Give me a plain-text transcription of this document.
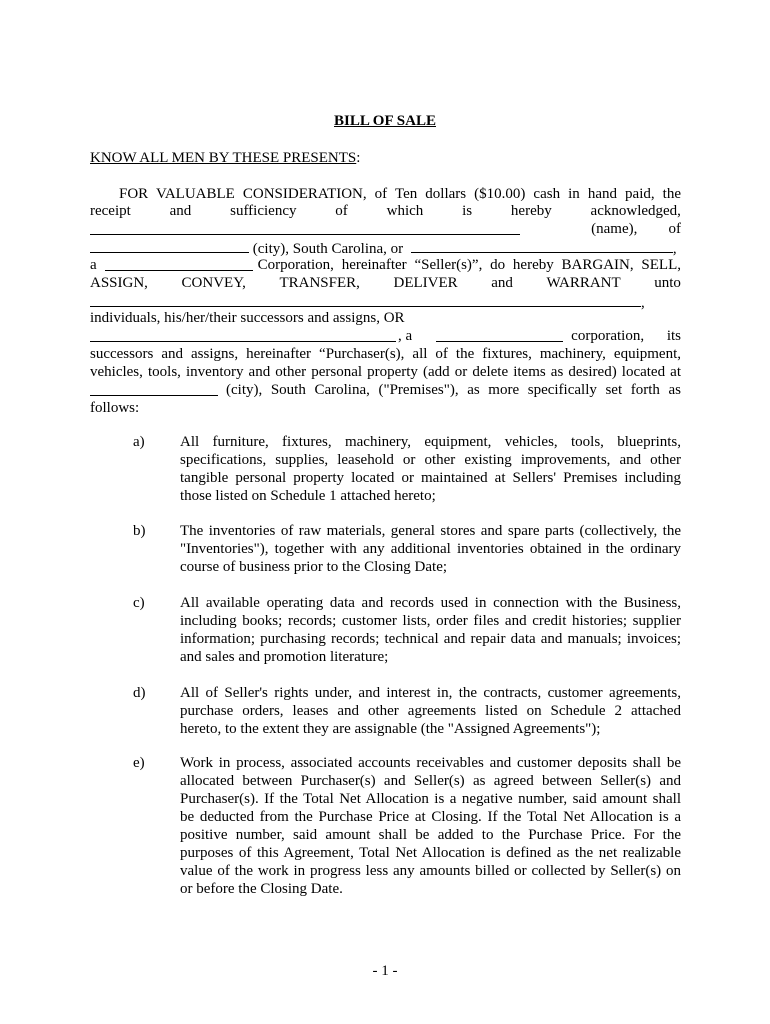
BILL OF SALE
KNOW ALL MEN BY THESE PRESENTS:
FOR VALUABLE CONSIDERATION, of Ten dollars ($10.00) cash in hand paid, the
receipt	and	sufficiency	of	which	is	hereby	acknowledged,
(name), of
(city), South Carolina, or	,
a	Corporation, hereinafter “Seller(s)”, do hereby BARGAIN, SELL,
ASSIGN, CONVEY, TRANSFER, DELIVER and WARRANT unto
,
individuals, his/her/their successors and assigns, OR
, a	corporation, its
successors and assigns, hereinafter “Purchaser(s), all of the fixtures, machinery, equipment,
vehicles, tools, inventory and other personal property (add or delete items as desired) located at
(city), South Carolina, ("Premises"), as more specifically set forth as
follows:
a) All furniture, fixtures, machinery, equipment, vehicles, tools, blueprints,
specifications, supplies, leasehold or other existing improvements, and other
tangible personal property located or maintained at Sellers' Premises including
those listed on Schedule 1 attached hereto;
b) The inventories of raw materials, general stores and spare parts (collectively, the
"Inventories"), together with any additional inventories obtained in the ordinary
course of business prior to the Closing Date;
c) All available operating data and records used in connection with the Business,
including books; records; customer lists, order files and credit histories; supplier
information; purchasing records; technical and repair data and manuals; invoices;
and sales and promotion literature;
d) All of Seller's rights under, and interest in, the contracts, customer agreements,
purchase orders, leases and other agreements listed on Schedule 2 attached
hereto, to the extent they are assignable (the "Assigned Agreements");
e) Work in process, associated accounts receivables and customer deposits shall be
allocated between Purchaser(s) and Seller(s) as agreed between Seller(s) and
Purchaser(s). If the Total Net Allocation is a negative number, said amount shall
be deducted from the Purchase Price at Closing. If the Total Net Allocation is a
positive number, said amount shall be added to the Purchase Price. For the
purposes of this Agreement, Total Net Allocation is defined as the net realizable
value of the work in progress less any amounts billed or collected by Seller(s) on
or before the Closing Date.
- 1 -
